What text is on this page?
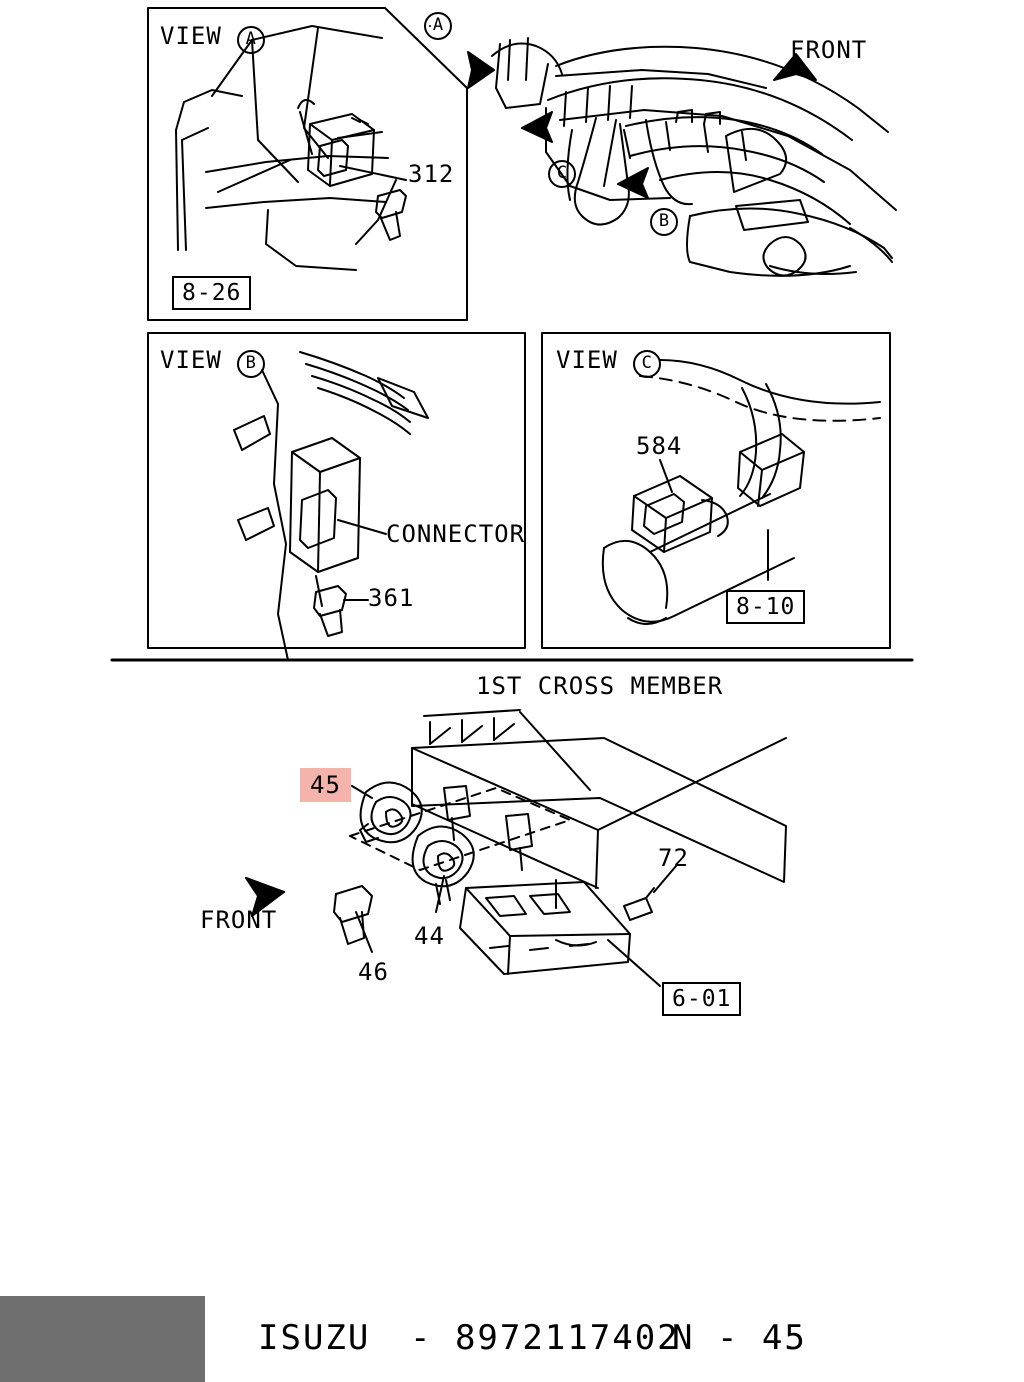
VIEW A
312
8-26
A
C
B
FRONT
VIEW B
CONNECTOR
361
VIEW C
584
8-10
1ST CROSS MEMBER
45
44
46
72
6-01
FRONT
ISUZU - 8972117402
N - 45
